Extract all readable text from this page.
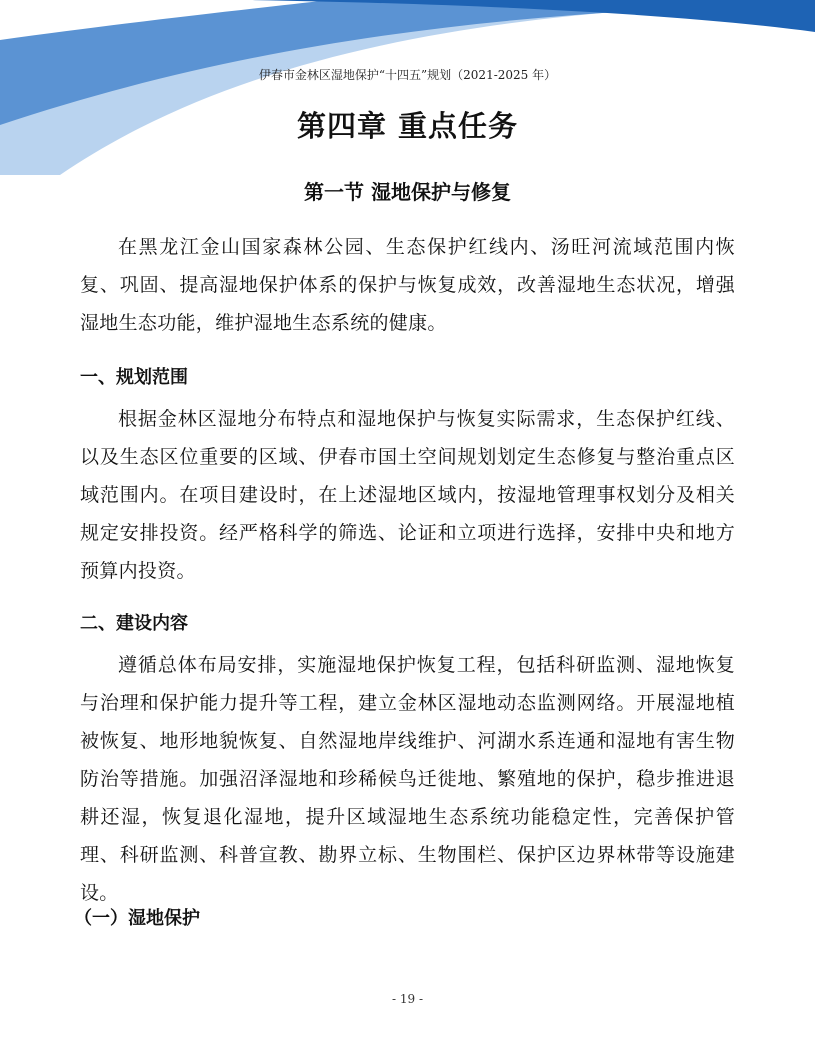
伊春市金林区湿地保护“十四五”规划（2021-2025 年）
第四章 重点任务
第一节 湿地保护与修复

在黑龙江金山国家森林公园、生态保护红线内、汤旺河流域范围内恢复、巩固、提高湿地保护体系的保护与恢复成效，改善湿地生态状况，增强湿地生态功能，维护湿地生态系统的健康。

一、规划范围

根据金林区湿地分布特点和湿地保护与恢复实际需求，生态保护红线、以及生态区位重要的区域、伊春市国土空间规划划定生态修复与整治重点区域范围内。在项目建设时，在上述湿地区域内，按湿地管理事权划分及相关规定安排投资。经严格科学的筛选、论证和立项进行选择，安排中央和地方预算内投资。

二、建设内容

遵循总体布局安排，实施湿地保护恢复工程，包括科研监测、湿地恢复与治理和保护能力提升等工程，建立金林区湿地动态监测网络。开展湿地植被恢复、地形地貌恢复、自然湿地岸线维护、河湖水系连通和湿地有害生物防治等措施。加强沼泽湿地和珍稀候鸟迁徙地、繁殖地的保护，稳步推进退耕还湿，恢复退化湿地，提升区域湿地生态系统功能稳定性，完善保护管理、科研监测、科普宣教、勘界立标、生物围栏、保护区边界林带等设施建设。

（一）湿地保护
- 19 -
